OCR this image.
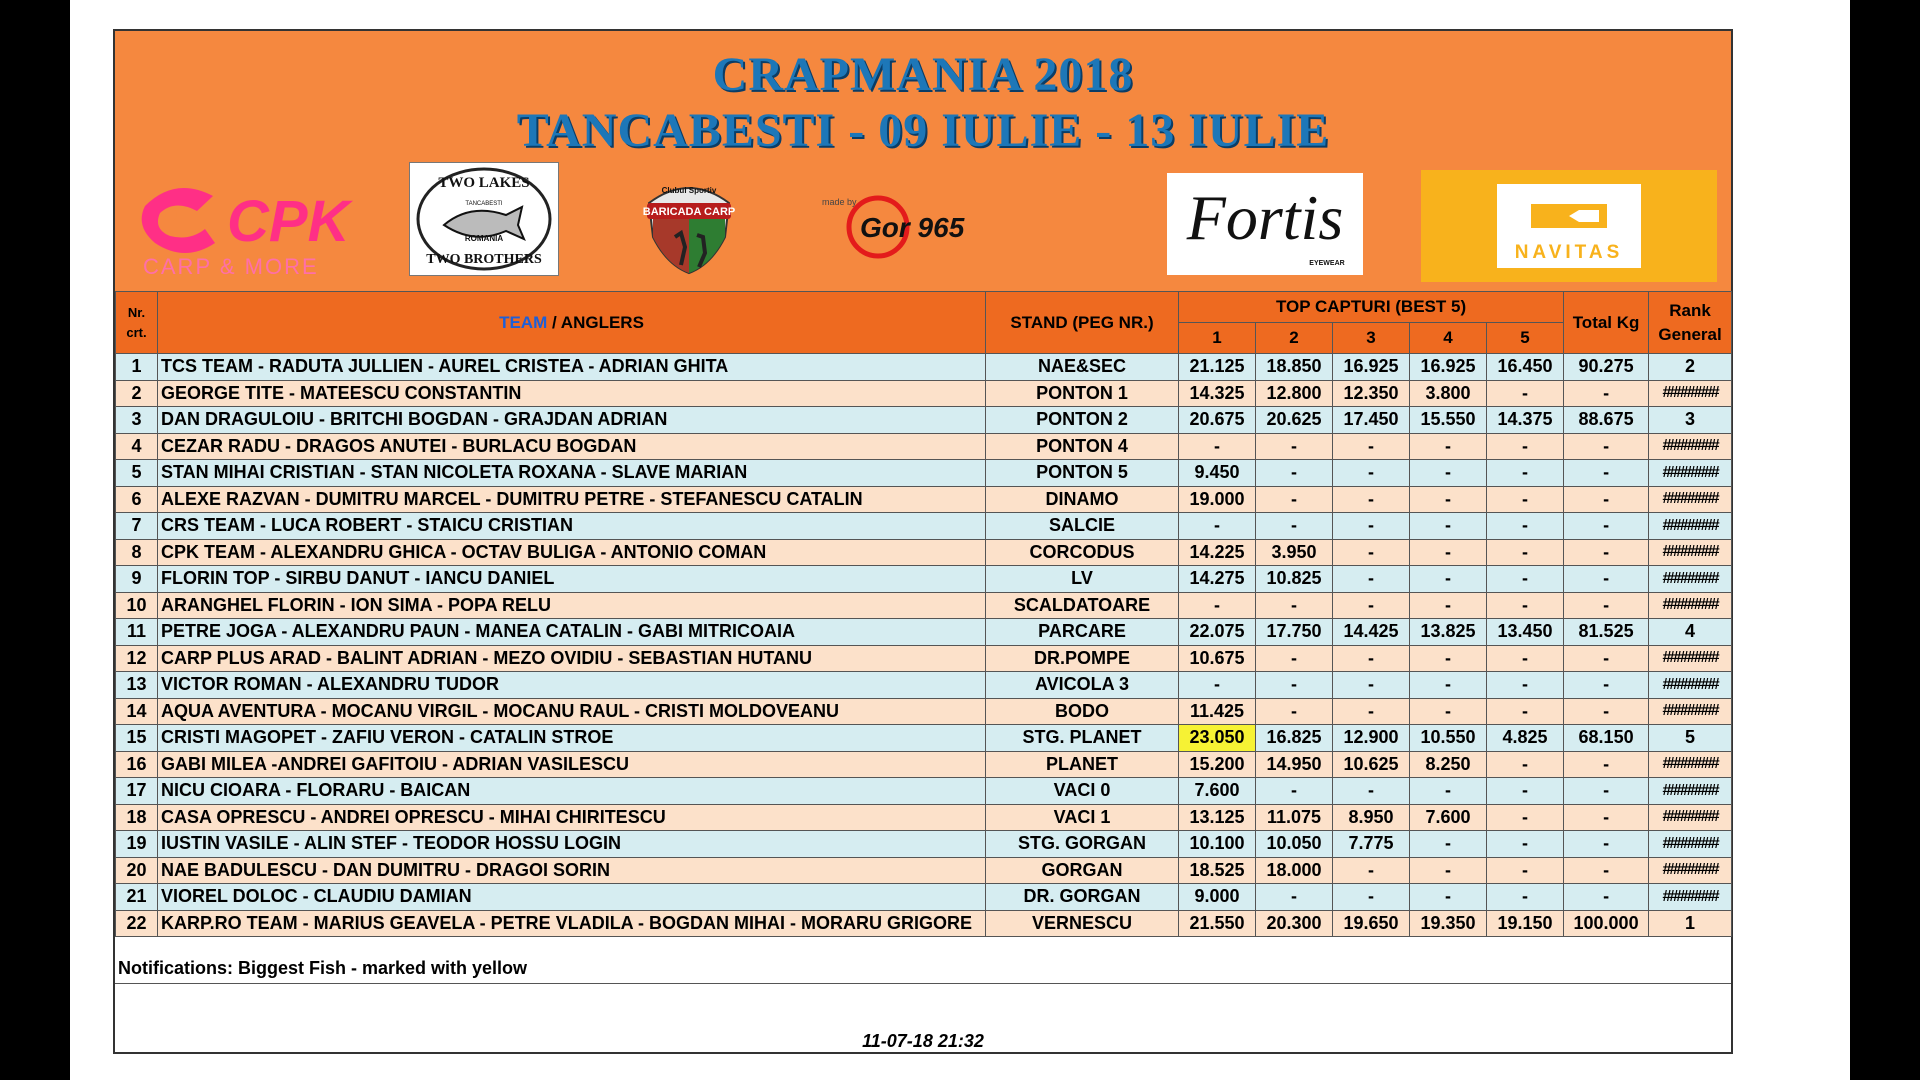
CRAPMANIA 2018
TANCABESTI - 09 IULIE - 13 IULIE
CPK
CARP & MORE
TWO LAKES
TANCABESTI
ROMANIA
TWO BROTHERS
Clubul Sportiv
BARICADA CARP
made by
Gor 965	Fortis
EYEWEAR
NAVITAS
Nr. crt.	TEAM / ANGLERS	STAND (PEG NR.)	TOP CAPTURI (BEST 5)					Total Kg	Rank General
			1	2	3	4	5		
1	TCS TEAM - RADUTA JULLIEN - AUREL CRISTEA - ADRIAN GHITA	NAE&SEC	21.125	18.850	16.925	16.925	16.450	90.275	2
2	GEORGE TITE - MATEESCU CONSTANTIN	PONTON 1	14.325	12.800	12.350	3.800	-	-	########
3	DAN DRAGULOIU - BRITCHI BOGDAN - GRAJDAN ADRIAN	PONTON 2	20.675	20.625	17.450	15.550	14.375	88.675	3
4	CEZAR RADU - DRAGOS ANUTEI - BURLACU BOGDAN	PONTON 4	-	-	-	-	-	-	########
5	STAN MIHAI CRISTIAN - STAN NICOLETA ROXANA - SLAVE MARIAN	PONTON 5	9.450	-	-	-	-	-	########
6	ALEXE RAZVAN - DUMITRU MARCEL - DUMITRU PETRE - STEFANESCU CATALIN	DINAMO	19.000	-	-	-	-	-	########
7	CRS TEAM - LUCA ROBERT - STAICU CRISTIAN	SALCIE	-	-	-	-	-	-	########
8	CPK TEAM - ALEXANDRU GHICA - OCTAV BULIGA - ANTONIO COMAN	CORCODUS	14.225	3.950	-	-	-	-	########
9	FLORIN TOP - SIRBU DANUT - IANCU DANIEL	LV	14.275	10.825	-	-	-	-	########
10	ARANGHEL FLORIN - ION SIMA - POPA RELU	SCALDATOARE	-	-	-	-	-	-	########
11	PETRE JOGA - ALEXANDRU PAUN - MANEA CATALIN - GABI MITRICOAIA	PARCARE	22.075	17.750	14.425	13.825	13.450	81.525	4
12	CARP PLUS ARAD - BALINT ADRIAN - MEZO OVIDIU - SEBASTIAN HUTANU	DR.POMPE	10.675	-	-	-	-	-	########
13	VICTOR ROMAN - ALEXANDRU TUDOR	AVICOLA 3	-	-	-	-	-	-	########
14	AQUA AVENTURA - MOCANU VIRGIL - MOCANU RAUL - CRISTI MOLDOVEANU	BODO	11.425	-	-	-	-	-	########
15	CRISTI MAGOPET - ZAFIU VERON - CATALIN STROE	STG. PLANET	23.050	16.825	12.900	10.550	4.825	68.150	5
16	GABI MILEA -ANDREI GAFITOIU - ADRIAN VASILESCU	PLANET	15.200	14.950	10.625	8.250	-	-	########
17	NICU CIOARA - FLORARU - BAICAN	VACI 0	7.600	-	-	-	-	-	########
18	CASA OPRESCU - ANDREI OPRESCU - MIHAI CHIRITESCU	VACI 1	13.125	11.075	8.950	7.600	-	-	########
19	IUSTIN VASILE - ALIN STEF - TEODOR HOSSU LOGIN	STG. GORGAN	10.100	10.050	7.775	-	-	-	########
20	NAE BADULESCU - DAN DUMITRU - DRAGOI SORIN	GORGAN	18.525	18.000	-	-	-	-	########
21	VIOREL DOLOC - CLAUDIU DAMIAN	DR. GORGAN	9.000	-	-	-	-	-	########
22	KARP.RO TEAM - MARIUS GEAVELA - PETRE VLADILA - BOGDAN MIHAI - MORARU GRIGORE	VERNESCU	21.550	20.300	19.650	19.350	19.150	100.000	1
Notifications: Biggest Fish - marked with yellow
11-07-18 21:32
